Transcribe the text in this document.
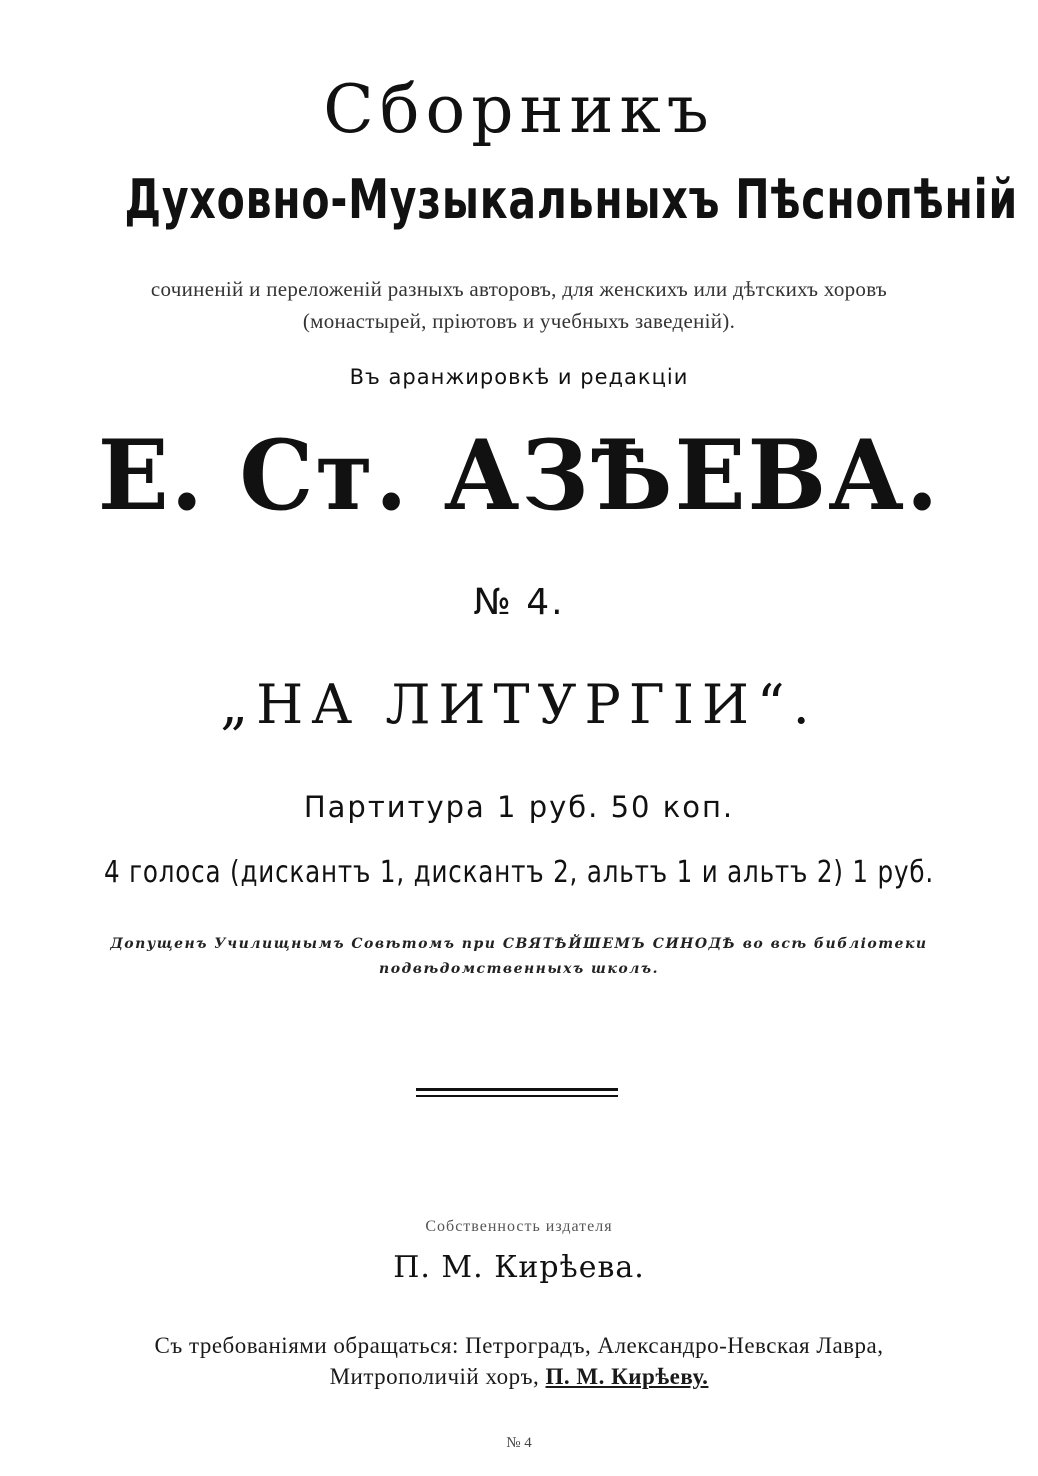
Сборникъ
Духовно-Музыкальныхъ Пѣснопѣній
сочиненій и переложеній разныхъ авторовъ, для женскихъ или дѣтскихъ хоровъ
(монастырей, пріютовъ и учебныхъ заведеній).
Въ аранжировкѣ и редакціи
Е. Ст. АЗѢЕВА.
№ 4.
„НА ЛИТУРГІИ“.
Партитура 1 руб. 50 коп.
4 голоса (дискантъ 1, дискантъ 2, альтъ 1 и альтъ 2) 1 руб.
Допущенъ Училищнымъ Совѣтомъ при СВЯТѢЙШЕМЪ СИНОДѢ во всѣ библіотеки
подвѣдомственныхъ школъ.
Собственность издателя
П. М. Кирѣева.
Съ требованіями обращаться: Петроградъ, Александро-Невская Лавра,
Митрополичій хоръ, П. М. Кирѣеву.
№ 4
